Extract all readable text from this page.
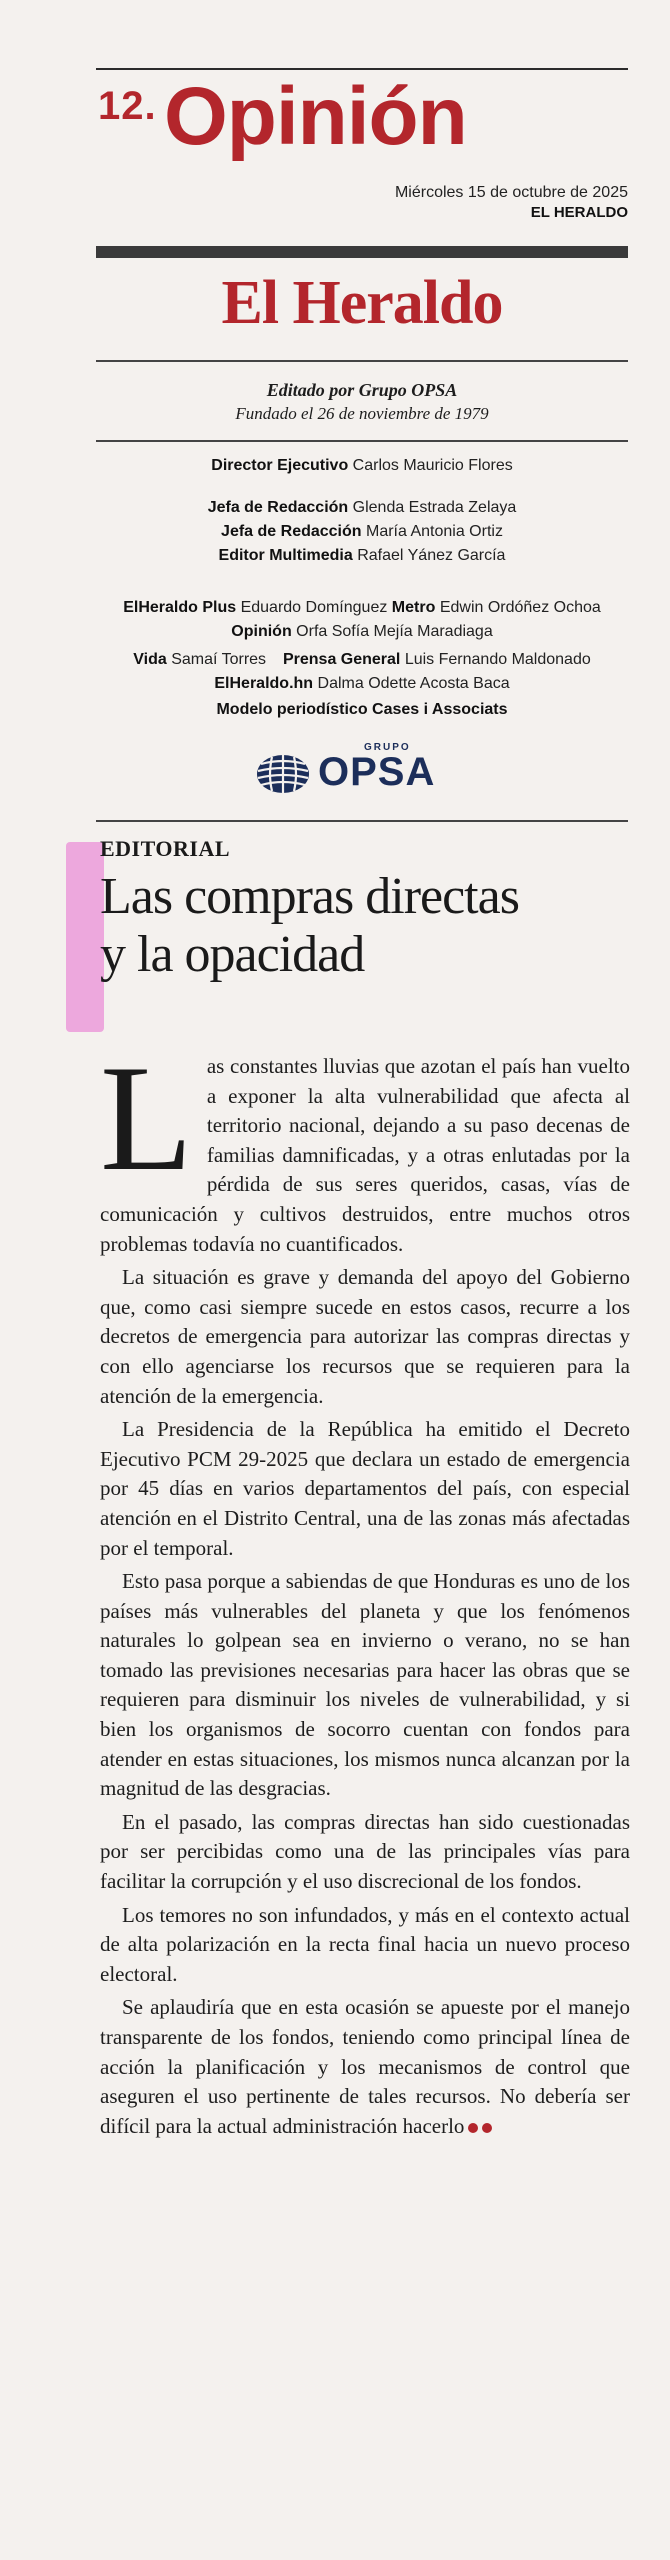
12. Opinión
Miércoles 15 de octubre de 2025
EL HERALDO
El Heraldo
Editado por Grupo OPSA
Fundado el 26 de noviembre de 1979
Director Ejecutivo Carlos Mauricio Flores
Jefa de Redacción Glenda Estrada Zelaya
Jefa de Redacción María Antonia Ortiz
Editor Multimedia Rafael Yánez García
ElHeraldo Plus Eduardo Domínguez Metro Edwin Ordóñez Ochoa
Opinión Orfa Sofía Mejía Maradiaga
Vida Samaí Torres Prensa General Luis Fernando Maldonado
ElHeraldo.hn Dalma Odette Acosta Baca
Modelo periodístico Cases i Associats
GRUPO
OPSA
EDITORIAL
Las compras directas
y la opacidad

Las constantes lluvias que azotan el país han vuelto a exponer la alta vulnerabilidad que afecta al territorio nacional, dejando a su paso decenas de familias damnificadas, y a otras enlutadas por la pérdida de sus seres queridos, casas, vías de comunicación y cultivos destruidos, entre muchos otros problemas todavía no cuantificados.

La situación es grave y demanda del apoyo del Gobierno que, como casi siempre sucede en estos casos, recurre a los decretos de emergencia para autorizar las compras directas y con ello agenciarse los recursos que se requieren para la atención de la emergencia.

La Presidencia de la República ha emitido el Decreto Ejecutivo PCM 29-2025 que declara un estado de emergencia por 45 días en varios departamentos del país, con especial atención en el Distrito Central, una de las zonas más afectadas por el temporal.

Esto pasa porque a sabiendas de que Honduras es uno de los países más vulnerables del planeta y que los fenómenos naturales lo golpean sea en invierno o verano, no se han tomado las previsiones necesarias para hacer las obras que se requieren para disminuir los niveles de vulnerabilidad, y si bien los organismos de socorro cuentan con fondos para atender en estas situaciones, los mismos nunca alcanzan por la magnitud de las desgracias.

En el pasado, las compras directas han sido cuestionadas por ser percibidas como una de las principales vías para facilitar la corrupción y el uso discrecional de los fondos.

Los temores no son infundados, y más en el contexto actual de alta polarización en la recta final hacia un nuevo proceso electoral.

Se aplaudiría que en esta ocasión se apueste por el manejo transparente de los fondos, teniendo como principal línea de acción la planificación y los mecanismos de control que aseguren el uso pertinente de tales recursos. No debería ser difícil para la actual administración hacerlo
